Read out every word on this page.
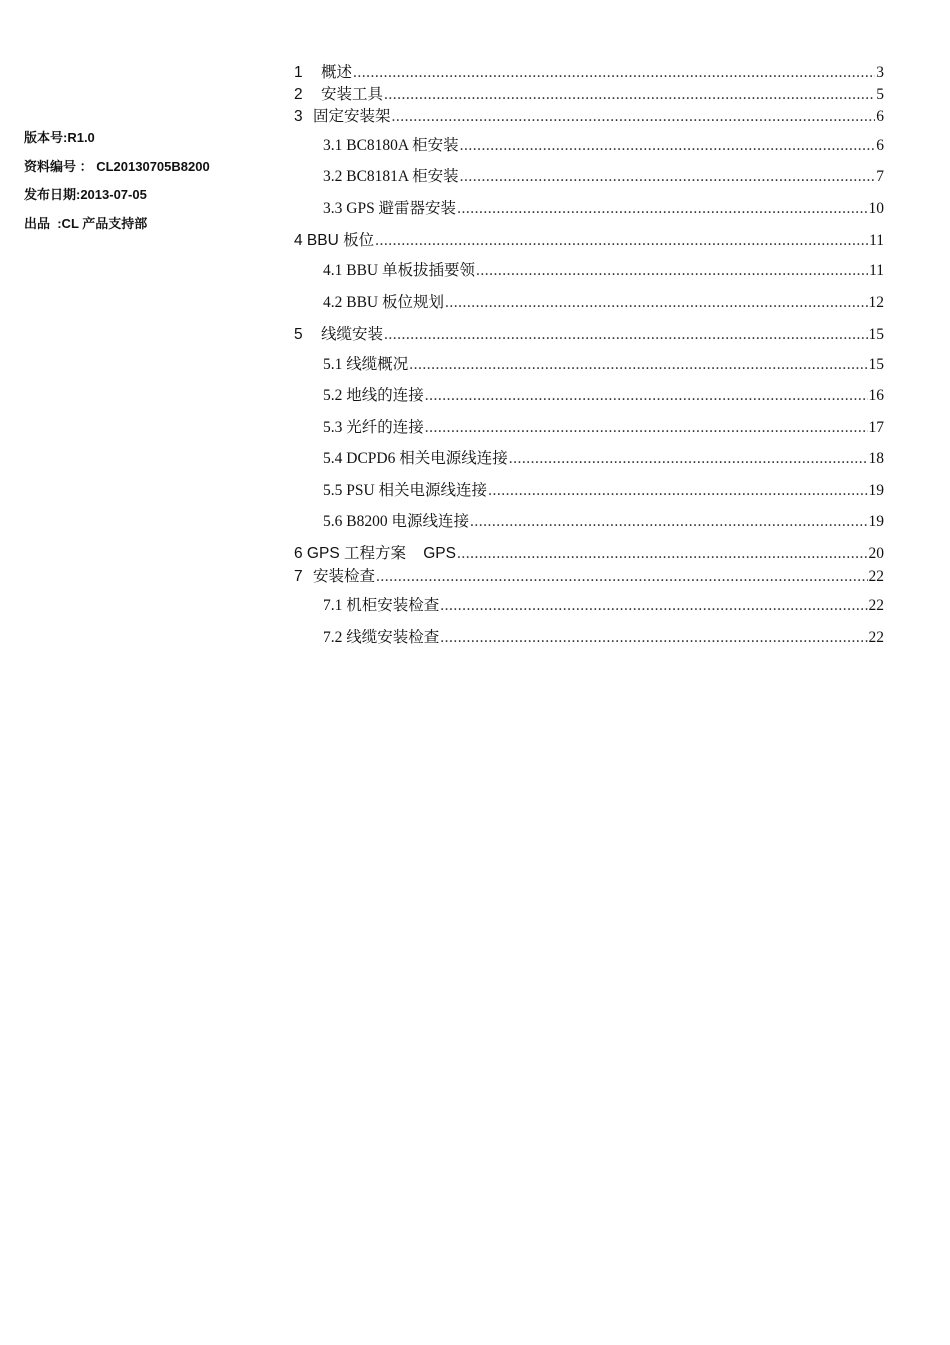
版本号:R1.0
资料编号 ： CL20130705B8200
发布日期:2013-07-05
出品  :CL 产品支持部
1 概述 .....	3
2 安装工具 .....	5
3 固定安装架 .....	6
3.1 BC8180A 柜安装 .....	6
3.2 BC8181A 柜安装 .....	7
3.3 GPS 避雷器安装 .....	10
4 BBU 板位 .....	11
4.1 BBU 单板拔插要领 .....	11
4.2 BBU 板位规划 .....	12
5 线缆安装 .....	15
5.1 线缆概况 .....	15
5.2 地线的连接 .....	16
5.3 光纤的连接 .....	17
5.4 DCPD6 相关电源线连接 .....	18
5.5 PSU 相关电源线连接 .....	19
5.6 B8200 电源线连接 .....	19
6 GPS 工程方案    GPS .....	20
7 安装检查 .....	22
7.1 机柜安装检查 .....	22
7.2 线缆安装检查 .....	22
